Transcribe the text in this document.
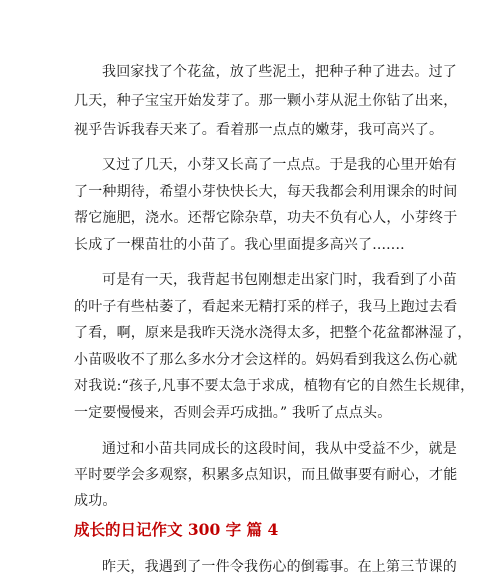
我回家找了个花盆，放了些泥土，把种子种了进去。过了
几天，种子宝宝开始发芽了。那一颗小芽从泥土你钻了出来，
视乎告诉我春天来了。看着那一点点的嫩芽，我可高兴了。
又过了几天，小芽又长高了一点点。于是我的心里开始有
了一种期待，希望小芽快快长大，每天我都会利用课余的时间
帮它施肥，浇水。还帮它除杂草，功夫不负有心人，小芽终于
长成了一棵苗壮的小苗了。我心里面提多高兴了.......
可是有一天，我背起书包刚想走出家门时，我看到了小苗
的叶子有些枯萎了，看起来无精打采的样子，我马上跑过去看
了看，啊，原来是我昨天浇水浇得太多，把整个花盆都淋湿了，
小苗吸收不了那么多水分才会这样的。妈妈看到我这么伤心就
对我说:“孩子,凡事不要太急于求成，植物有它的自然生长规律，
一定要慢慢来，否则会弄巧成拙。” 我听了点点头。
通过和小苗共同成长的这段时间，我从中受益不少，就是
平时要学会多观察，积累多点知识，而且做事要有耐心，才能
成功。
成长的日记作文 300 字 篇 4
昨天，我遇到了一件令我伤心的倒霉事。在上第三节课的
